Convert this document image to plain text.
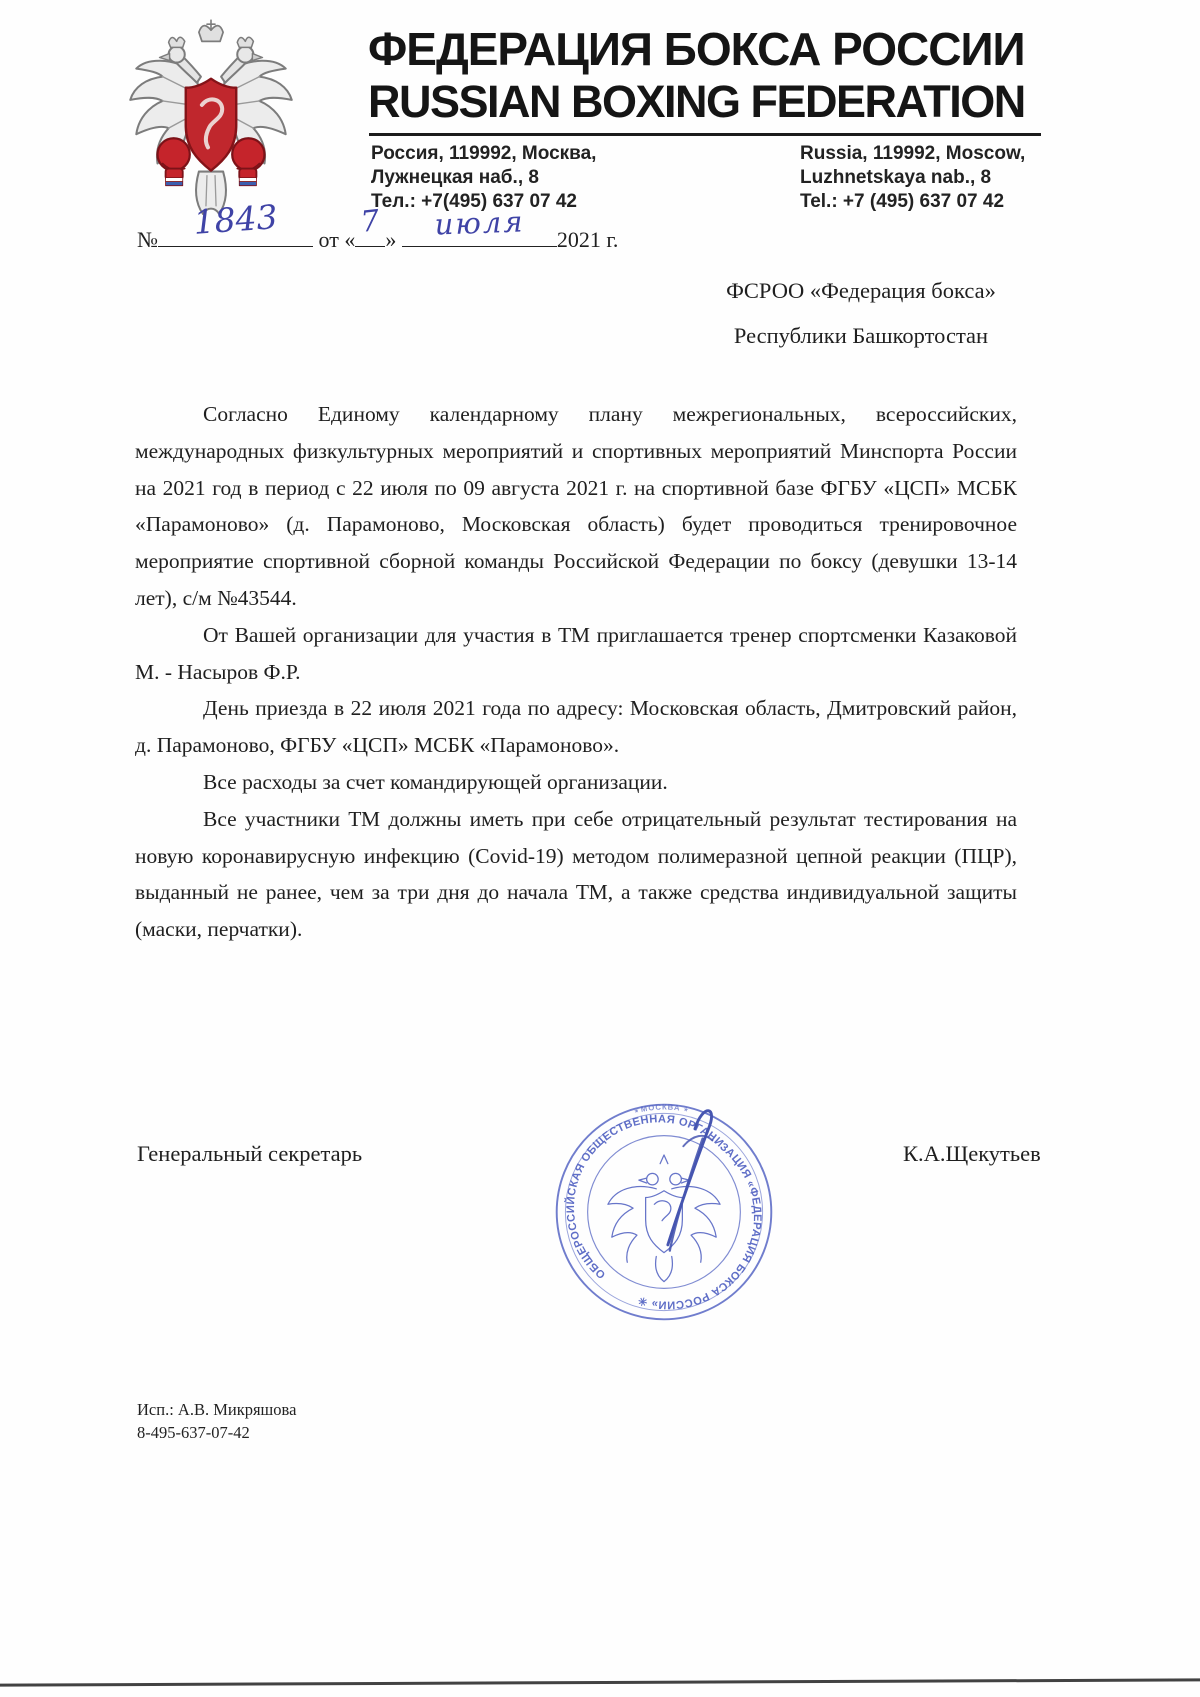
ФЕДЕРАЦИЯ БОКСА РОССИИ
RUSSIAN BOXING FEDERATION
Россия, 119992, Москва,
Лужнецкая наб., 8
Тел.: +7(495) 637 07 42
Russia, 119992, Moscow,
Luzhnetskaya nab., 8
Tel.: +7 (495) 637 07 42
№	1843	от «
7
»	июля	2021 г.
ФСРОО «Федерация бокса»
Республики Башкортостан

Согласно Единому календарному плану межрегиональных, всероссийских, международных физкультурных мероприятий и спортивных мероприятий Минспорта России на 2021 год в период с 22 июля по 09 августа 2021 г. на спортивной базе ФГБУ «ЦСП» МСБК «Парамоново» (д. Парамоново, Московская область) будет проводиться тренировочное мероприятие спортивной сборной команды Российской Федерации по боксу (девушки 13-14 лет), с/м №43544.

От Вашей организации для участия в ТМ приглашается тренер спортсменки Казаковой М. - Насыров Ф.Р.

День приезда в 22 июля 2021 года по адресу: Московская область, Дмитровский район, д. Парамоново, ФГБУ «ЦСП» МСБК «Парамоново».

Все расходы за счет командирующей организации.

Все участники ТМ должны иметь при себе отрицательный результат тестирования на новую коронавирусную инфекцию (Covid-19) методом полимеразной цепной реакции (ПЦР), выданный не ранее, чем за три дня до начала ТМ, а также средства индивидуальной защиты (маски, перчатки).

Генеральный секретарь	К.А.Щекутьев
ОБЩЕРОССИЙСКАЯ ОБЩЕСТВЕННАЯ ОРГАНИЗАЦИЯ «ФЕДЕРАЦИЯ БОКСА РОССИИ» ✳
٭ МОСКВА ٭
Исп.: А.В. Микряшова
8-495-637-07-42
